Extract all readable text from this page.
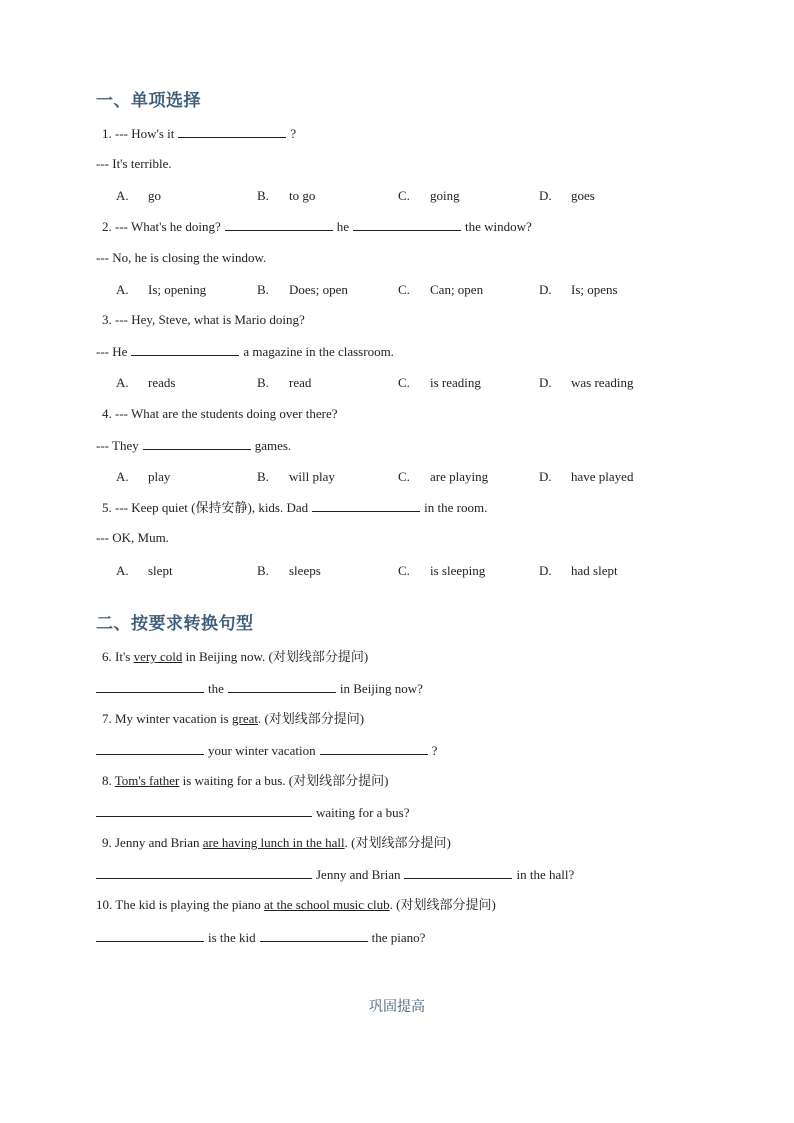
一、单项选择
1. --- How's it	?
--- It's terrible.
A. go	B. to go	C. going	D. goes
2. --- What's he doing?	he	the window?
--- No, he is closing the window.
A. Is; opening	B. Does; open	C. Can; open	D. Is; opens
3. --- Hey, Steve, what is Mario doing?
--- He	a magazine in the classroom.
A. reads	B. read	C. is reading	D. was reading
4. --- What are the students doing over there?
--- They	games.
A. play	B. will play	C. are playing	D. have played
5. --- Keep quiet (保持安静), kids. Dad	in the room.
--- OK, Mum.
A. slept	B. sleeps	C. is sleeping	D. had slept
二、按要求转换句型
6. It's very cold in Beijing now. (对划线部分提问)
the	in Beijing now?
7. My winter vacation is great. (对划线部分提问)
your winter vacation	?
8. Tom's father is waiting for a bus. (对划线部分提问)
waiting for a bus?
9. Jenny and Brian are having lunch in the hall. (对划线部分提问)
Jenny and Brian	in the hall?
10. The kid is playing the piano at the school music club. (对划线部分提问)
is the kid	the piano?
巩固提高
